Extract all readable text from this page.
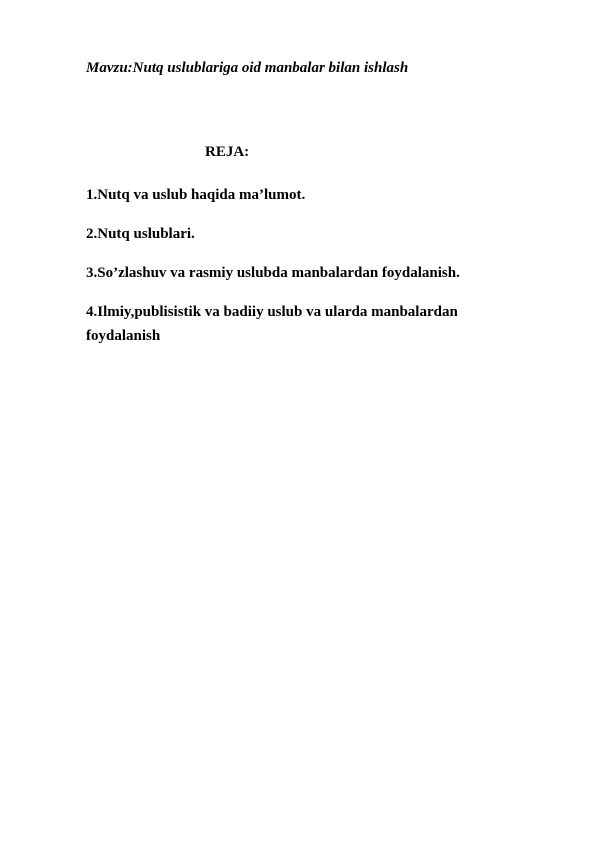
Mavzu:Nutq uslublariga oid manbalar bilan ishlash
REJA:
1.Nutq va uslub haqida ma’lumot.
2.Nutq uslublari.
3.So’zlashuv va rasmiy uslubda manbalardan foydalanish.
4.Ilmiy,publisistik va badiiy uslub va ularda manbalardan foydalanish
